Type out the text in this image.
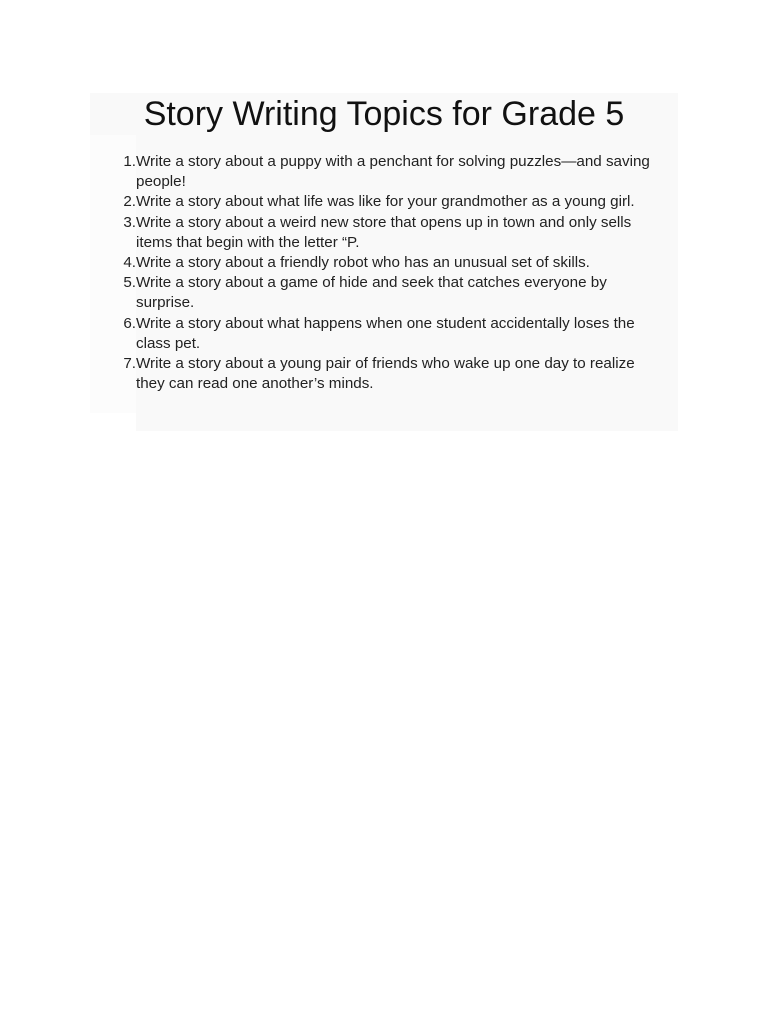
Story Writing Topics for Grade 5
1. Write a story about a puppy with a penchant for solving puzzles—and saving people!
2. Write a story about what life was like for your grandmother as a young girl.
3. Write a story about a weird new store that opens up in town and only sells items that begin with the letter “P.
4. Write a story about a friendly robot who has an unusual set of skills.
5. Write a story about a game of hide and seek that catches everyone by surprise.
6. Write a story about what happens when one student accidentally loses the class pet.
7. Write a story about a young pair of friends who wake up one day to realize they can read one another’s minds.
